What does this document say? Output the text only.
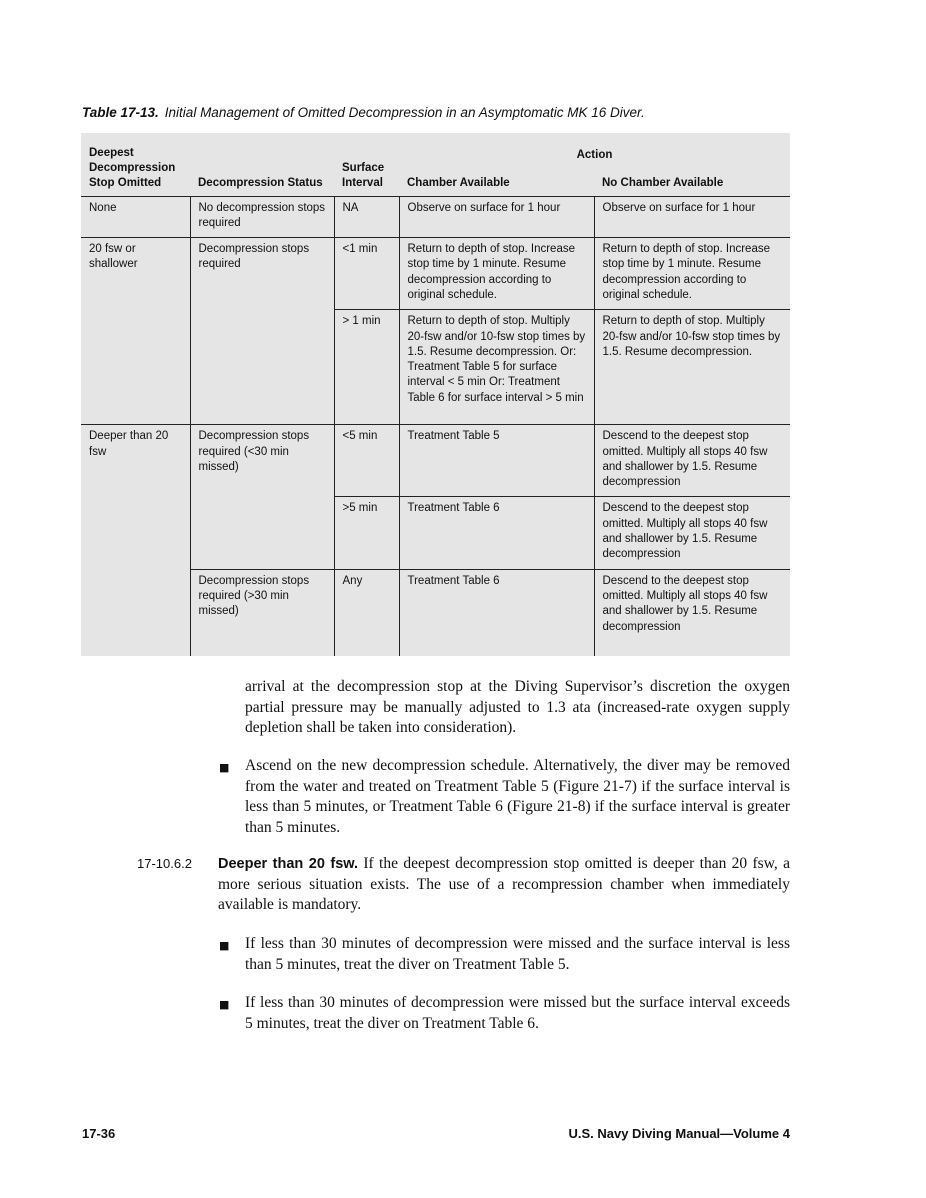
Table 17-13. Initial Management of Omitted Decompression in an Asymptomatic MK 16 Diver.
Deepest Decompression Stop Omitted	Decompression Status	Surface Interval	Action	
			Chamber Available	No Chamber Available
None	No decompression stops required	NA	Observe on surface for 1 hour	Observe on surface for 1 hour
20 fsw or shallower	Decompression stops required	<1 min	Return to depth of stop. Increase stop time by 1 minute. Resume decompression according to original schedule.	Return to depth of stop. Increase stop time by 1 minute. Resume decompression according to original schedule.
		> 1 min	Return to depth of stop. Multiply 20-fsw and/or 10-fsw stop times by 1.5. Resume decompression. Or: Treatment Table 5 for surface interval < 5 min Or: Treatment Table 6 for surface interval > 5 min	Return to depth of stop. Multiply 20-fsw and/or 10-fsw stop times by 1.5. Resume decompression.
Deeper than 20 fsw	Decompression stops required (<30 min missed)	<5 min	Treatment Table 5	Descend to the deepest stop omitted. Multiply all stops 40 fsw and shallower by 1.5. Resume decompression
		>5 min	Treatment Table 6	Descend to the deepest stop omitted. Multiply all stops 40 fsw and shallower by 1.5. Resume decompression
	Decompression stops required (>30 min missed)	Any	Treatment Table 6	Descend to the deepest stop omitted. Multiply all stops 40 fsw and shallower by 1.5. Resume decompression

arrival at the decompression stop at the Diving Supervisor’s discretion the oxygen partial pressure may be manually adjusted to 1.3 ata (increased-rate oxygen supply depletion shall be taken into consideration).

■ Ascend on the new decompression schedule. Alternatively, the diver may be removed from the water and treated on Treatment Table 5 (Figure 21-7) if the surface interval is less than 5 minutes, or Treatment Table 6 (Figure 21-8) if the surface interval is greater than 5 minutes.

17-10.6.2 Deeper than 20 fsw. If the deepest decompression stop omitted is deeper than 20 fsw, a more serious situation exists. The use of a recompression chamber when immediately available is mandatory.

■ If less than 30 minutes of decompression were missed and the surface interval is less than 5 minutes, treat the diver on Treatment Table 5.

■ If less than 30 minutes of decompression were missed but the surface interval exceeds 5 minutes, treat the diver on Treatment Table 6.

17-36	U.S. Navy Diving Manual—Volume 4
